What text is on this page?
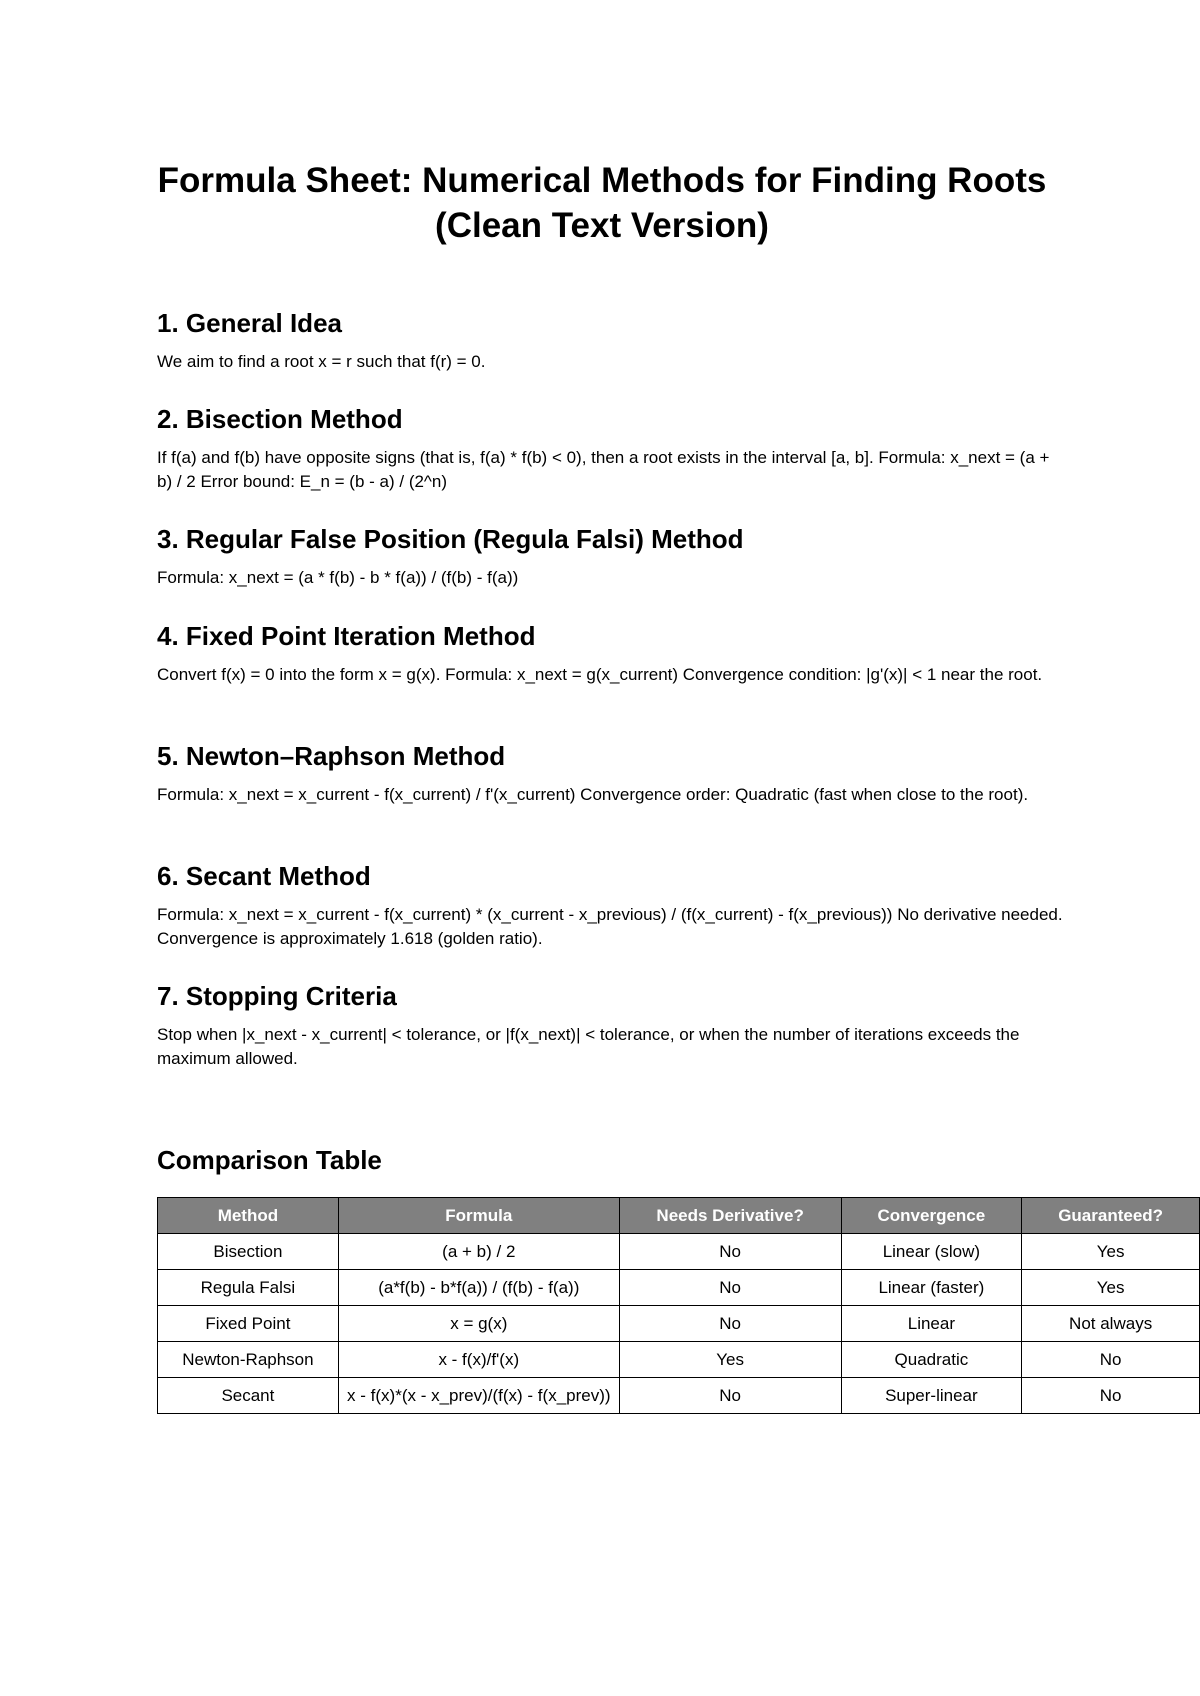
Formula Sheet: Numerical Methods for Finding Roots (Clean Text Version)
1. General Idea

We aim to find a root x = r such that f(r) = 0.

2. Bisection Method

If f(a) and f(b) have opposite signs (that is, f(a) * f(b) < 0), then a root exists in the interval [a, b]. Formula: x_next = (a + b) / 2 Error bound: E_n = (b - a) / (2^n)

3. Regular False Position (Regula Falsi) Method

Formula: x_next = (a * f(b) - b * f(a)) / (f(b) - f(a))

4. Fixed Point Iteration Method

Convert f(x) = 0 into the form x = g(x). Formula: x_next = g(x_current) Convergence condition: |g'(x)| < 1 near the root.

5. Newton–Raphson Method

Formula: x_next = x_current - f(x_current) / f'(x_current) Convergence order: Quadratic (fast when close to the root).

6. Secant Method

Formula: x_next = x_current - f(x_current) * (x_current - x_previous) / (f(x_current) - f(x_previous)) No derivative needed. Convergence is approximately 1.618 (golden ratio).

7. Stopping Criteria

Stop when |x_next - x_current| < tolerance, or |f(x_next)| < tolerance, or when the number of iterations exceeds the maximum allowed.

Comparison Table
Method	Formula	Needs Derivative?	Convergence	Guaranteed?
Bisection	(a + b) / 2	No	Linear (slow)	Yes
Regula Falsi	(a*f(b) - b*f(a)) / (f(b) - f(a))	No	Linear (faster)	Yes
Fixed Point	x = g(x)	No	Linear	Not always
Newton-Raphson	x - f(x)/f'(x)	Yes	Quadratic	No
Secant	x - f(x)*(x - x_prev)/(f(x) - f(x_prev))	No	Super-linear	No
